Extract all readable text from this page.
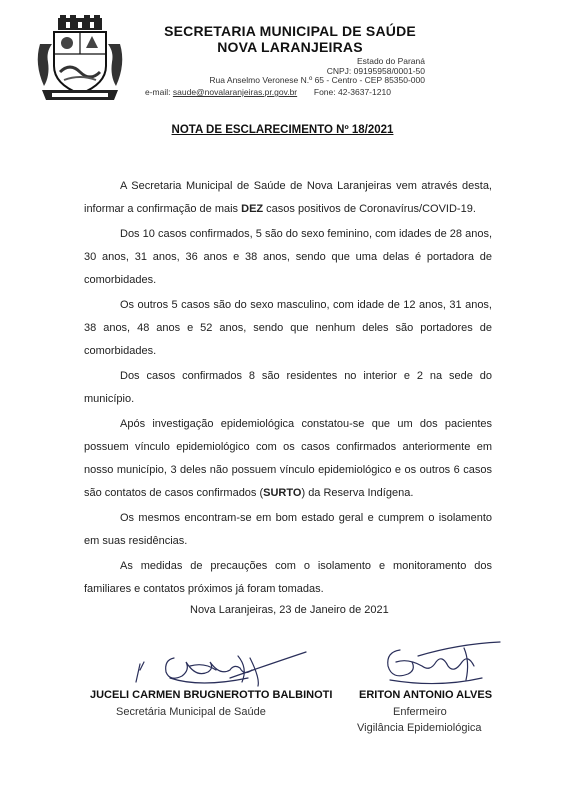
SECRETARIA MUNICIPAL DE SAÚDE
NOVA LARANJEIRAS
Estado do Paraná
CNPJ: 09195958/0001-50
Rua Anselmo Veronese N.º 65 - Centro - CEP 85350-000
e-mail: saude@novalaranjeiras.pr.gov.br Fone: 42-3637-1210
NOTA DE ESCLARECIMENTO Nº 18/2021

A Secretaria Municipal de Saúde de Nova Laranjeiras vem através desta, informar a confirmação de mais DEZ casos positivos de Coronavírus/COVID-19.

Dos 10 casos confirmados, 5 são do sexo feminino, com idades de 28 anos, 30 anos, 31 anos, 36 anos e 38 anos, sendo que uma delas é portadora de comorbidades.

Os outros 5 casos são do sexo masculino, com idade de 12 anos, 31 anos, 38 anos, 48 anos e 52 anos, sendo que nenhum deles são portadores de comorbidades.

Dos casos confirmados 8 são residentes no interior e 2 na sede do município.

Após investigação epidemiológica constatou-se que um dos pacientes possuem vínculo epidemiológico com os casos confirmados anteriormente em nosso município, 3 deles não possuem vínculo epidemiológico e os outros 6 casos são contatos de casos confirmados (SURTO) da Reserva Indígena.

Os mesmos encontram-se em bom estado geral e cumprem o isolamento em suas residências.

As medidas de precauções com o isolamento e monitoramento dos familiares e contatos próximos já foram tomadas.

Nova Laranjeiras, 23 de Janeiro de 2021
JUCELI CARMEN BRUGNEROTTO BALBINOTI
Secretária Municipal de Saúde
ERITON ANTONIO ALVES
Enfermeiro
Vigilância Epidemiológica
